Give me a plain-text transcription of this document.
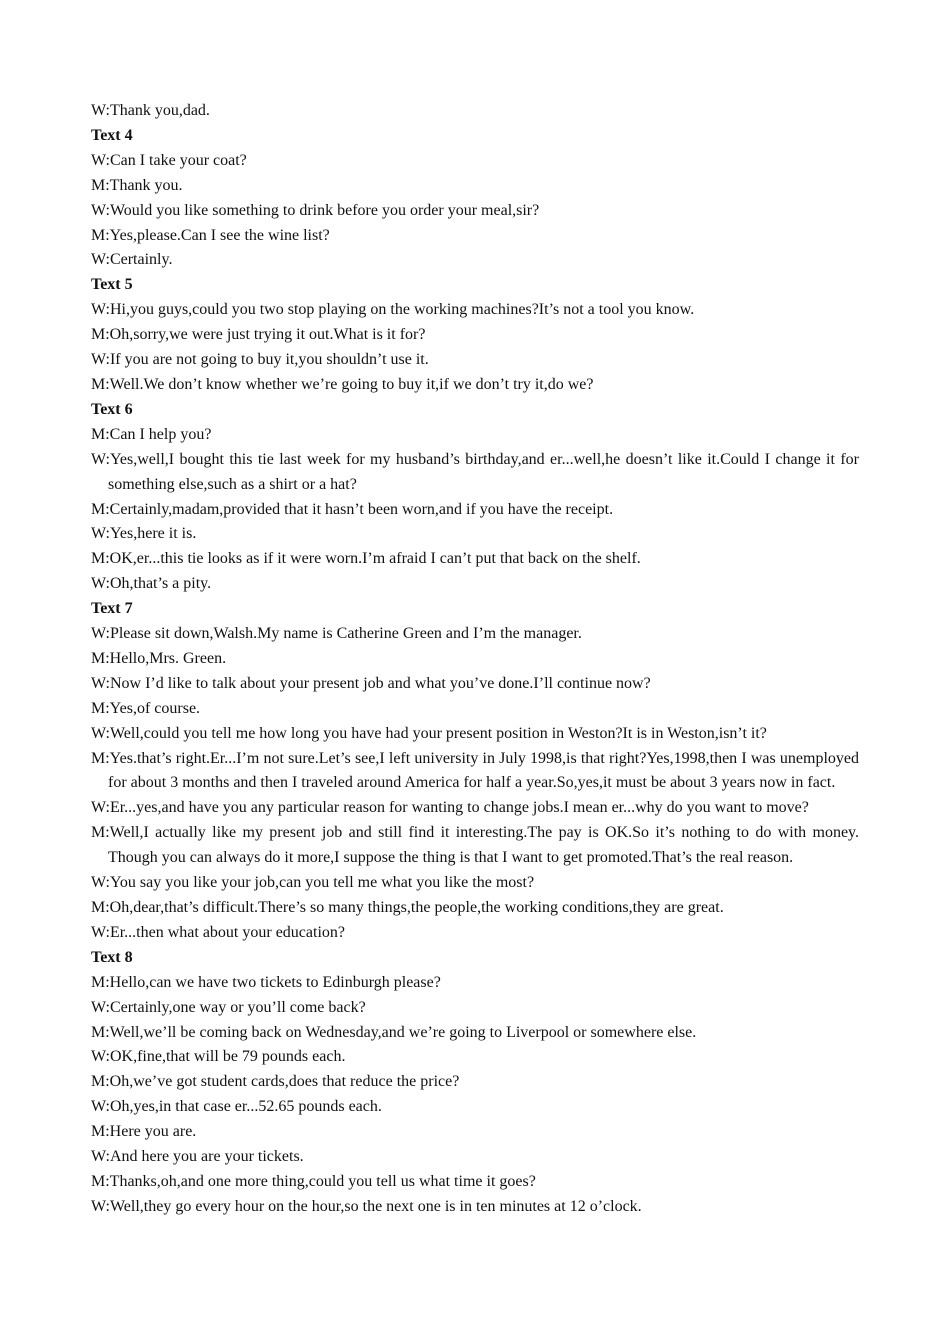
W:Thank you,dad.

Text 4

W:Can I take your coat?

M:Thank you.

W:Would you like something to drink before you order your meal,sir?

M:Yes,please.Can I see the wine list?

W:Certainly.

Text 5

W:Hi,you guys,could you two stop playing on the working machines?It’s not a tool you know.

M:Oh,sorry,we were just trying it out.What is it for?

W:If you are not going to buy it,you shouldn’t use it.

M:Well.We don’t know whether we’re going to buy it,if we don’t try it,do we?

Text 6

M:Can I help you?

W:Yes,well,I bought this tie last week for my husband’s birthday,and er...well,he doesn’t like it.Could I change it for something else,such as a shirt or a hat?

M:Certainly,madam,provided that it hasn’t been worn,and if you have the receipt.

W:Yes,here it is.

M:OK,er...this tie looks as if it were worn.I’m afraid I can’t put that back on the shelf.

W:Oh,that’s a pity.

Text 7

W:Please sit down,Walsh.My name is Catherine Green and I’m the manager.

M:Hello,Mrs. Green.

W:Now I’d like to talk about your present job and what you’ve done.I’ll continue now?

M:Yes,of course.

W:Well,could you tell me how long you have had your present position in Weston?It is in Weston,isn’t it?

M:Yes.that’s right.Er...I’m not sure.Let’s see,I left university in July 1998,is that right?Yes,1998,then I was unemployed for about 3 months and then I traveled around America for half a year.So,yes,it must be about 3 years now in fact.

W:Er...yes,and have you any particular reason for wanting to change jobs.I mean er...why do you want to move?

M:Well,I actually like my present job and still find it interesting.The pay is OK.So it’s nothing to do with money. Though you can always do it more,I suppose the thing is that I want to get promoted.That’s the real reason.

W:You say you like your job,can you tell me what you like the most?

M:Oh,dear,that’s difficult.There’s so many things,the people,the working conditions,they are great.

W:Er...then what about your education?

Text 8

M:Hello,can we have two tickets to Edinburgh please?

W:Certainly,one way or you’ll come back?

M:Well,we’ll be coming back on Wednesday,and we’re going to Liverpool or somewhere else.

W:OK,fine,that will be 79 pounds each.

M:Oh,we’ve got student cards,does that reduce the price?

W:Oh,yes,in that case er...52.65 pounds each.

M:Here you are.

W:And here you are your tickets.

M:Thanks,oh,and one more thing,could you tell us what time it goes?

W:Well,they go every hour on the hour,so the next one is in ten minutes at 12 o’clock.
